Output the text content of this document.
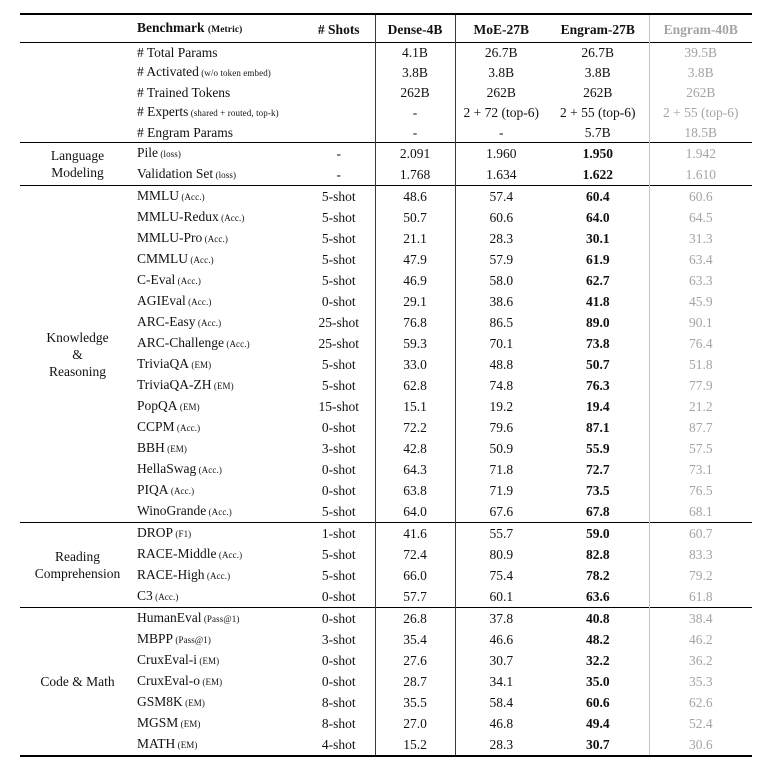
	Benchmark (Metric)	# Shots	Dense-4B	MoE-27B	Engram-27B	Engram-40B
	# Total Params		4.1B	26.7B	26.7B	39.5B
	# Activated (w/o token embed)		3.8B	3.8B	3.8B	3.8B
	# Trained Tokens		262B	262B	262B	262B
	# Experts (shared + routed, top-k)		-	2 + 72 (top-6)	2 + 55 (top-6)	2 + 55 (top-6)
	# Engram Params		-	-	5.7B	18.5B

Language
Modeling	Pile (loss)	-	2.091	1.960	1.950	1.942
	Validation Set (loss)	-	1.768	1.634	1.622	1.610

Knowledge
&
Reasoning	MMLU (Acc.)	5-shot	48.6	57.4	60.4	60.6
	MMLU-Redux (Acc.)	5-shot	50.7	60.6	64.0	64.5
	MMLU-Pro (Acc.)	5-shot	21.1	28.3	30.1	31.3
	CMMLU (Acc.)	5-shot	47.9	57.9	61.9	63.4
	C-Eval (Acc.)	5-shot	46.9	58.0	62.7	63.3
	AGIEval (Acc.)	0-shot	29.1	38.6	41.8	45.9
	ARC-Easy (Acc.)	25-shot	76.8	86.5	89.0	90.1
	ARC-Challenge (Acc.)	25-shot	59.3	70.1	73.8	76.4
	TriviaQA (EM)	5-shot	33.0	48.8	50.7	51.8
	TriviaQA-ZH (EM)	5-shot	62.8	74.8	76.3	77.9
	PopQA (EM)	15-shot	15.1	19.2	19.4	21.2
	CCPM (Acc.)	0-shot	72.2	79.6	87.1	87.7
	BBH (EM)	3-shot	42.8	50.9	55.9	57.5
	HellaSwag (Acc.)	0-shot	64.3	71.8	72.7	73.1
	PIQA (Acc.)	0-shot	63.8	71.9	73.5	76.5
	WinoGrande (Acc.)	5-shot	64.0	67.6	67.8	68.1

Reading
Comprehension	DROP (F1)	1-shot	41.6	55.7	59.0	60.7
	RACE-Middle (Acc.)	5-shot	72.4	80.9	82.8	83.3
	RACE-High (Acc.)	5-shot	66.0	75.4	78.2	79.2
	C3 (Acc.)	0-shot	57.7	60.1	63.6	61.8

Code & Math	HumanEval (Pass@1)	0-shot	26.8	37.8	40.8	38.4
	MBPP (Pass@1)	3-shot	35.4	46.6	48.2	46.2
	CruxEval-i (EM)	0-shot	27.6	30.7	32.2	36.2
	CruxEval-o (EM)	0-shot	28.7	34.1	35.0	35.3
	GSM8K (EM)	8-shot	35.5	58.4	60.6	62.6
	MGSM (EM)	8-shot	27.0	46.8	49.4	52.4
	MATH (EM)	4-shot	15.2	28.3	30.7	30.6
